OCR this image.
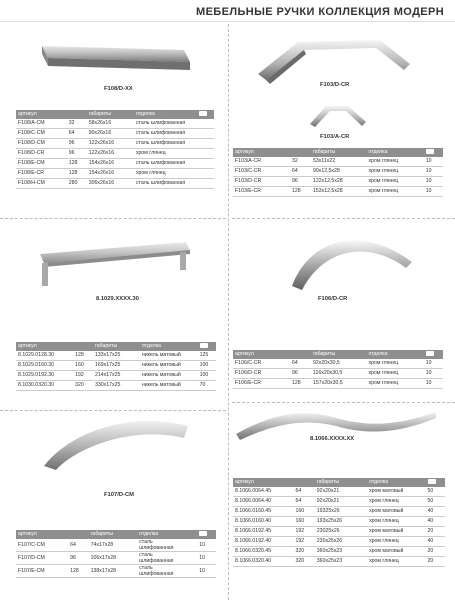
МЕБЕЛЬНЫЕ РУЧКИ КОЛЛЕКЦИЯ МОДЕРН
F108/D-XX
артикул		габариты	отделка	
F108/A-CM	32	58x26x16	сталь шлифованная	
F108/C-CM	64	90x26x16	сталь шлифованная	
F108/D-CM	96	122x26x16	сталь шлифованная	
F108/D-CR	96	122x26x16	хром глянец	
F108/E-CM	128	154x26x16	сталь шлифованная	
F108/E-CR	128	154x26x16	хром глянец	
F108/H-CM	280	306x26x16	сталь шлифованная	
F103/D-CR
F103/A-CR
артикул		габариты	отделка	
F103/A-CR	32	53x11x22	хром глянец	10
F103/C-CR	64	90x12,5x28	хром глянец	10
F103/D-CR	96	122x12,5x28	хром глянец	10
F103/E-CR	128	153x12,5x28	хром глянец	10
8.1029.XXXX.30
артикул		габариты	отделка	
8.1029.0128.30	128	133x17x25	никель матовый	125
8.1029.0160.30	160	169x17x25	никель матовый	100
8.1029.0192.30	192	214x17x25	никель матовый	100
8.1030.0320.30	320	330x17x25	никель матовый	70
F106/D-CR
артикул		габариты	отделка	
F106/C-CR	64	92x20x30,5	хром глянец	10
F106/D-CR	96	116x20x30,5	хром глянец	10
F106/E-CR	128	157x20x30,5	хром глянец	10
F107/D-CM
артикул		габариты	отделка	
F107/C-CM	64	74x17x28	сталь
шлифованная	10
F107/D-CM	96	106x17x28	сталь
шлифованная	10
F107/E-CM	128	138x17x28	сталь
шлифованная	10
8.1066.XXXX.XX
артикул		габариты	отделка	
8.1066.0064.45	64	92x20x21	хром матовый	50
8.1066.0064.40	64	92x20x21	хром глянец	50
8.1066.0160.45	160	19325x26	хром матовый	40
8.1066.0160.40	160	193x25x26	хром глянец	40
8.1066.0192.45	192	23025x26	хром матовый	20
8.1066.0192.40	192	230x25x26	хром глянец	40
8.1066.0320.45	320	360x25x23	хром матовый	20
8.1066.0320.40	320	360x25x23	хром глянец	20
